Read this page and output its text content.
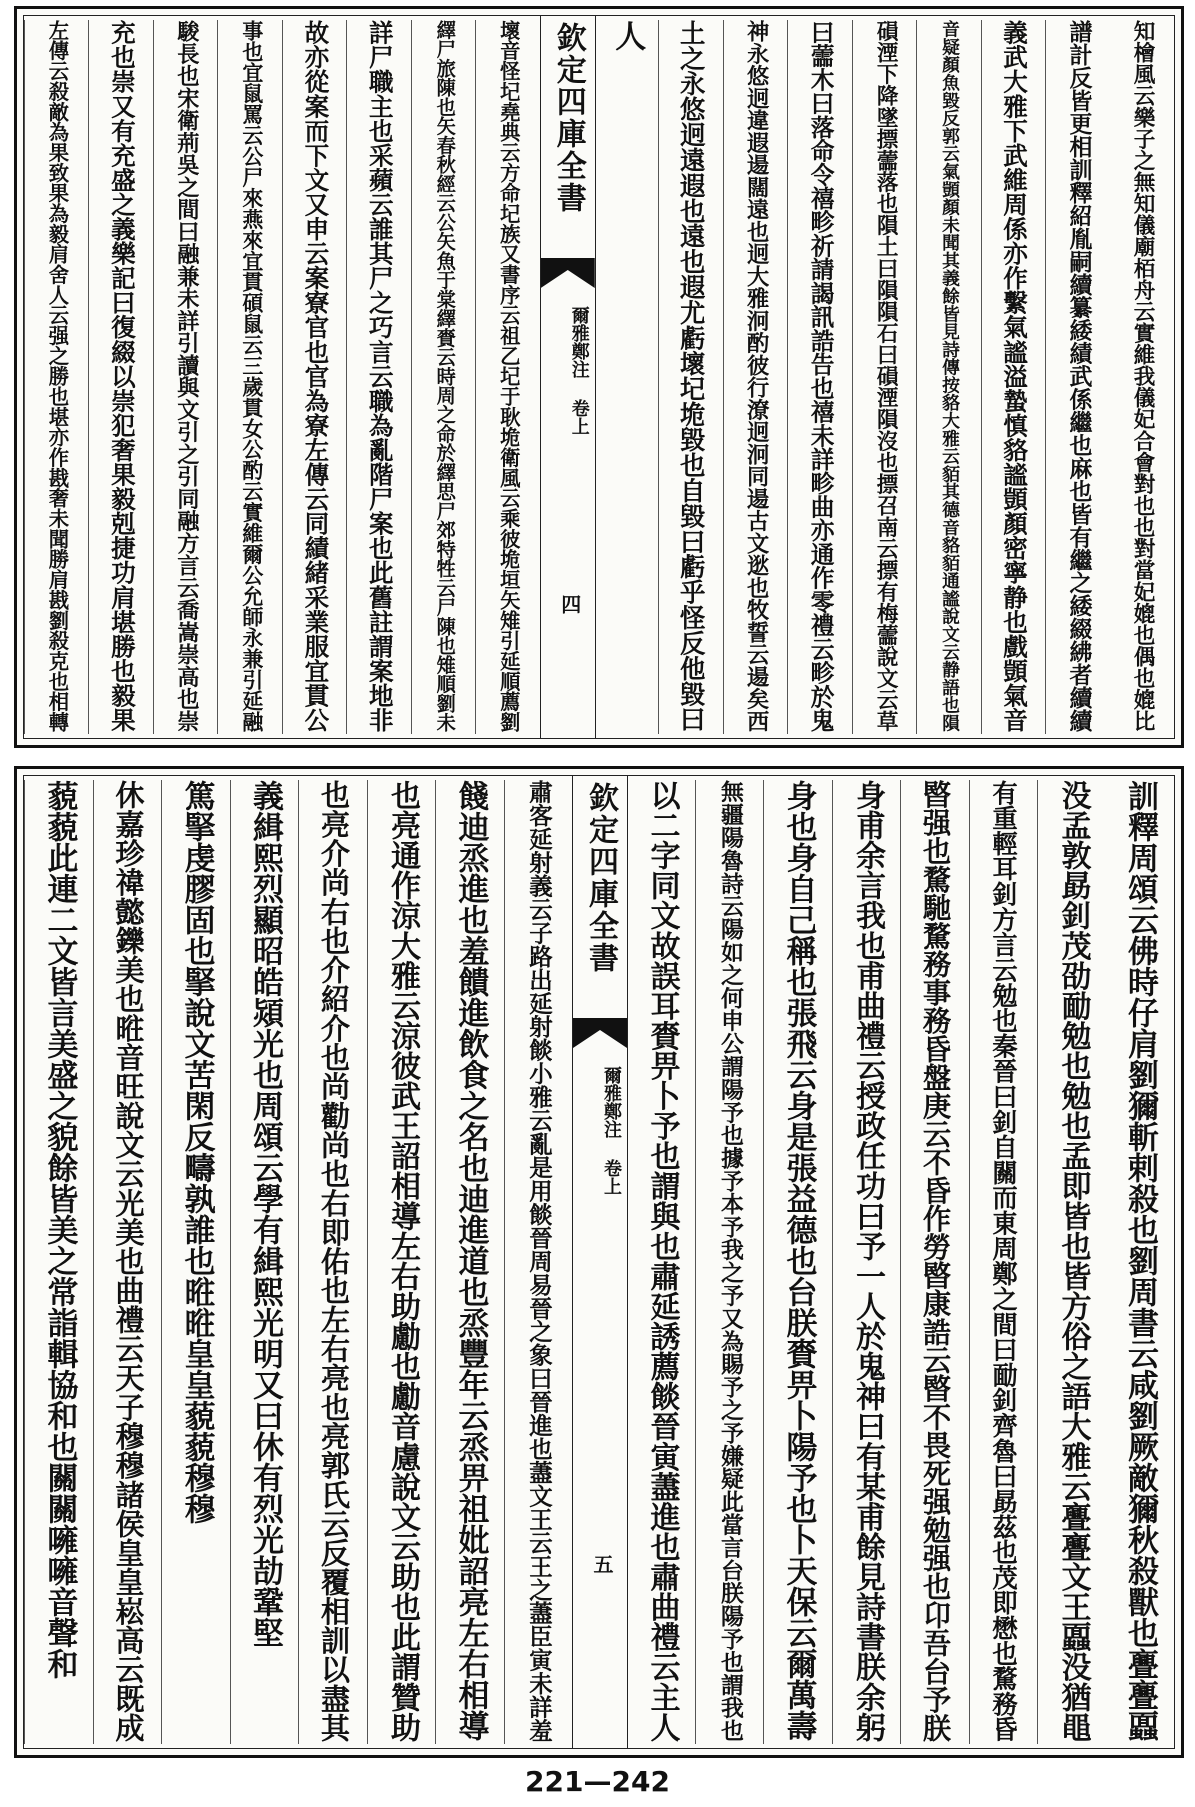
知檜風云樂子之無知儀廟栢舟云實維我儀妃合會對也也對當妃媲也偶也媲比
譜計反皆更相訓釋紹胤嗣續纂緌績武係繼也麻也皆有繼之緌綴紼者續續
義武大雅下武維周係亦作繫氣謐溢蟄慎貉謐顗顏密寧静也戲顗氣音
音疑顏魚毀反郭云氣顗顏未聞其義餘皆見詩傳按貉大雅云貊其德音貉貊通謐說文云静語也隕
磒湮下降墜摽蘦落也隕土曰隕隕石曰磒湮隕沒也摽召南云摽有梅蘦說文云草
曰蘦木曰落命令禧畛祈請謁訊誥告也禧未詳畛曲亦通作零禮云畛於鬼
神永悠迥違遐逿闊遠也迥大雅泂酌彼行潦迥泂同逿古文逖也牧誓云逿矣西
土之永悠迥遠遐也遠也遐尤虧壞圮垝毀也自毀曰虧乎怪反他毀曰
人
欽定四庫全書
爾雅鄭注 卷上
四
壞音怪圮堯典云方命圮族又書序云祖乙圮于耿垝衛風云乘彼垝垣矢雉引延順薦劉
繹尸旅陳也矢春秋經云公矢魚于棠繹賚云時周之命於繹思尸郊特牲云尸陳也雉順劉未
詳尸職主也采蘋云誰其尸之巧言云職為亂階尸案也此舊註謂案地非
故亦從案而下文又申云案寮官也官為寮左傳云同績緒采業服宜貫公
事也宜鼠罵云公尸來燕來宜貫碩鼠云三歲貫女公酌云實維爾公允師永兼引延融
駿長也宋衛荊吳之間曰融兼未詳引讀與文引之引同融方言云喬嵩崇高也崇
充也崇又有充盛之義樂記曰復綴以崇犯奢果毅剋捷功肩堪勝也毅果
左傳云殺敵為果致果為毅肩舍人云强之勝也堪亦作戡奢未聞勝肩戡劉殺克也相轉
訓釋周頌云佛時仔肩劉獮斬剌殺也劉周書云咸劉厥敵獮秋殺獸也亹亹蠠
没孟敦勗釗茂劭勔勉也勉也孟即皆也皆方俗之語大雅云亹亹文王蠠没猶黽
有重輕耳釗方言云勉也秦晉曰釗自關而東周鄭之間曰勔釗齊魯曰勗茲也茂即懋也騖務昏
暋强也騖馳騖務事務昏盤庚云不昏作勞暋康誥云暋不畏死强勉强也卬吾台予朕
身甫余言我也甫曲禮云授政任功曰予一人於鬼神曰有某甫餘見詩書朕余躬
身也身自己稱也張飛云身是張益德也台朕賚畀卜陽予也卜天保云爾萬壽
無疆陽魯詩云陽如之何申公謂陽予也據予本予我之予又為賜予之予嫌疑此當言台朕陽予也謂我也
以二字同文故誤耳賚畀卜予也謂與也肅延誘薦餤晉寅藎進也肅曲禮云主人
欽定四庫全書
爾雅鄭注 卷上
五
肅客延射義云子路出延射餤小雅云亂是用餤晉周易晉之象曰晉進也藎文王云王之藎臣寅未詳羞
餞迪烝進也羞饋進飲食之名也迪進道也烝豐年云烝畀祖妣詔亮左右相導
也亮通作涼大雅云涼彼武王詔相導左右助勴也勴音慮說文云助也此謂贊助
也亮介尚右也介紹介也尚勸尚也右即佑也左右亮也亮郭氏云反覆相訓以盡其
義緝熙烈顯昭皓熲光也周頌云學有緝熙光明又曰休有烈光劼鞏堅
篤掔虔膠固也掔說文苦閑反疇孰誰也暀暀皇皇藐藐穆穆
休嘉珍禕懿鑠美也暀音旺說文云光美也曲禮云天子穆穆諸侯皇皇崧高云既成
藐藐此連二文皆言美盛之貌餘皆美之常詣輯協和也關關噰噰音聲和
221—242
